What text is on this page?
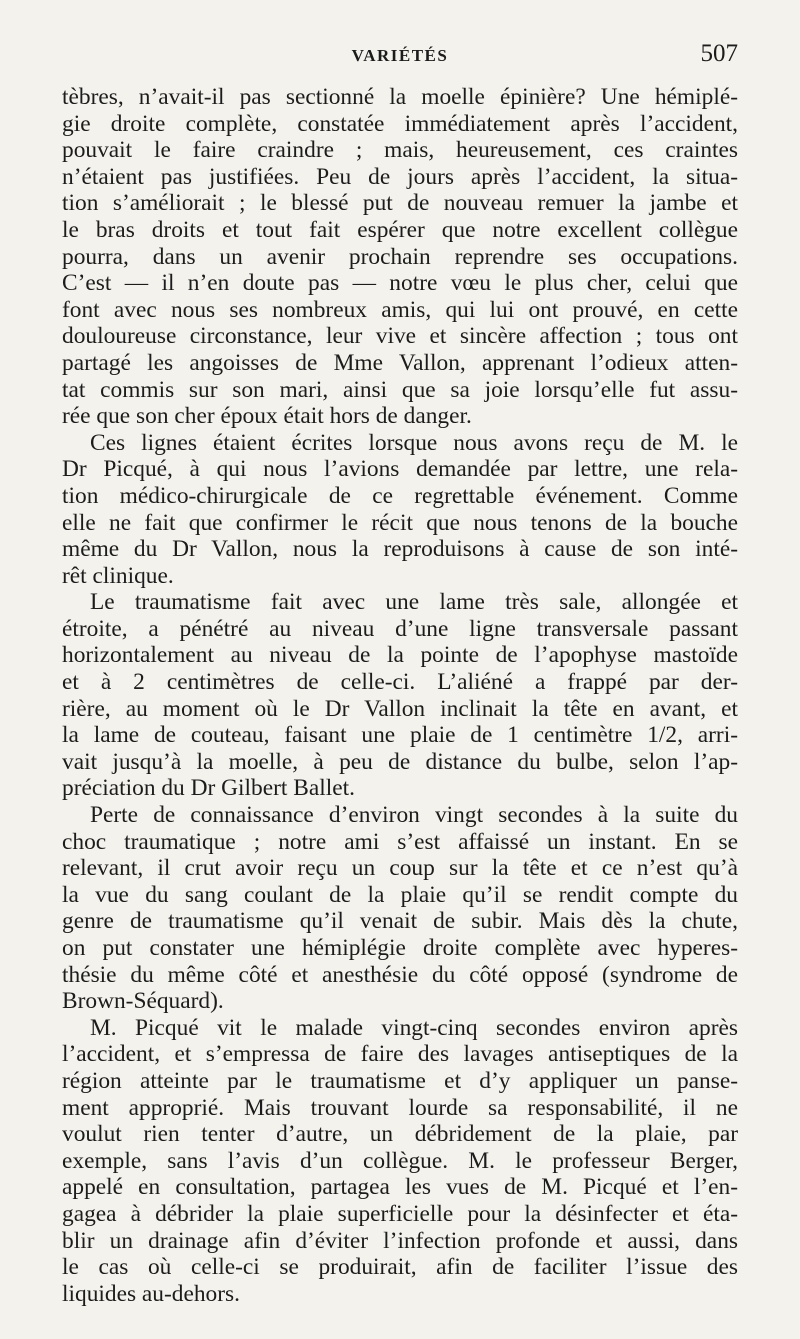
VARIÉTÉS	507
tèbres, n’avait-il pas sectionné la moelle épinière? Une hémiplé-
gie droite complète, constatée immédiatement après l’accident,
pouvait le faire craindre ; mais, heureusement, ces craintes
n’étaient pas justifiées. Peu de jours après l’accident, la situa-
tion s’améliorait ; le blessé put de nouveau remuer la jambe et
le bras droits et tout fait espérer que notre excellent collègue
pourra, dans un avenir prochain reprendre ses occupations.
C’est — il n’en doute pas — notre vœu le plus cher, celui que
font avec nous ses nombreux amis, qui lui ont prouvé, en cette
douloureuse circonstance, leur vive et sincère affection ; tous ont
partagé les angoisses de Mme Vallon, apprenant l’odieux atten-
tat commis sur son mari, ainsi que sa joie lorsqu’elle fut assu-
rée que son cher époux était hors de danger.
Ces lignes étaient écrites lorsque nous avons reçu de M. le
Dr Picqué, à qui nous l’avions demandée par lettre, une rela-
tion médico-chirurgicale de ce regrettable événement. Comme
elle ne fait que confirmer le récit que nous tenons de la bouche
même du Dr Vallon, nous la reproduisons à cause de son inté-
rêt clinique.
Le traumatisme fait avec une lame très sale, allongée et
étroite, a pénétré au niveau d’une ligne transversale passant
horizontalement au niveau de la pointe de l’apophyse mastoïde
et à 2 centimètres de celle-ci. L’aliéné a frappé par der-
rière, au moment où le Dr Vallon inclinait la tête en avant, et
la lame de couteau, faisant une plaie de 1 centimètre 1/2, arri-
vait jusqu’à la moelle, à peu de distance du bulbe, selon l’ap-
préciation du Dr Gilbert Ballet.
Perte de connaissance d’environ vingt secondes à la suite du
choc traumatique ; notre ami s’est affaissé un instant. En se
relevant, il crut avoir reçu un coup sur la tête et ce n’est qu’à
la vue du sang coulant de la plaie qu’il se rendit compte du
genre de traumatisme qu’il venait de subir. Mais dès la chute,
on put constater une hémiplégie droite complète avec hyperes-
thésie du même côté et anesthésie du côté opposé (syndrome de
Brown-Séquard).
M. Picqué vit le malade vingt-cinq secondes environ après
l’accident, et s’empressa de faire des lavages antiseptiques de la
région atteinte par le traumatisme et d’y appliquer un panse-
ment approprié. Mais trouvant lourde sa responsabilité, il ne
voulut rien tenter d’autre, un débridement de la plaie, par
exemple, sans l’avis d’un collègue. M. le professeur Berger,
appelé en consultation, partagea les vues de M. Picqué et l’en-
gagea à débrider la plaie superficielle pour la désinfecter et éta-
blir un drainage afin d’éviter l’infection profonde et aussi, dans
le cas où celle-ci se produirait, afin de faciliter l’issue des
liquides au-dehors.
